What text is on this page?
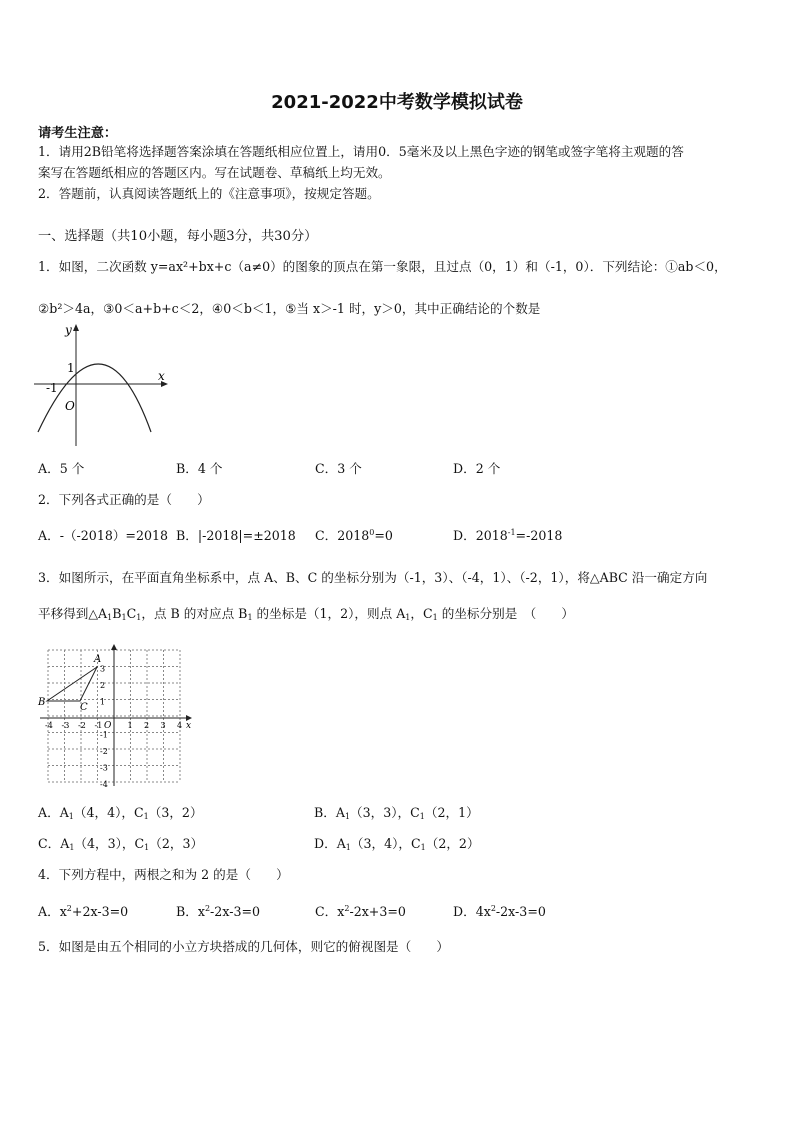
2021-2022中考数学模拟试卷
请考生注意：
1．请用2B铅笔将选择题答案涂填在答题纸相应位置上，请用0．5毫米及以上黑色字迹的钢笔或签字笔将主观题的答
案写在答题纸相应的答题区内。写在试题卷、草稿纸上均无效。
2．答题前，认真阅读答题纸上的《注意事项》，按规定答题。
一、选择题（共10小题，每小题3分，共30分）
1．如图，二次函数 y=ax²+bx+c（a≠0）的图象的顶点在第一象限，且过点（0，1）和（-1，0）．下列结论：①ab＜0，
②b²＞4a，③0＜a+b+c＜2，④0＜b＜1，⑤当 x＞-1 时，y＞0，其中正确结论的个数是
y
x
O
1
-1
A．5 个	B．4 个	C．3 个	D．2 个
2．下列各式正确的是（　　）
A．-（-2018）=2018 B．|-2018|=±2018 C．$2018^0=0$	D．$2018^{-1}=-2018$
3．如图所示，在平面直角坐标系中，点 A、B、C 的坐标分别为（-1，3）、（-4，1）、（-2，1），将△ABC 沿一确定方向
平移得到$\triangle A_1B_1C_1$，点 B 的对应点 $B_1$ 的坐标是（1，2），则点 $A_1$，$C_1$ 的坐标分别是　（　　）
A
B	C
O	x
-4 -3 -2 -1	1 2 3 4
3
2
1
-1
-2
-3
-4
A．$A_1(4$，4），$C_1(3$，2）	B．$A_1(3$，3），$C_1(2$，1）
C．$A_1(4$，3），$C_1(2$，3）	D．$A_1(3$，4），$C_1(2$，2）
4．下列方程中，两根之和为 2 的是（　　）
A．$x^2+2x-3=0$	B．$x^2-2x-3=0$	C．$x^2-2x+3=0$	D．$4x^2-2x-3=0$
5．如图是由五个相同的小立方块搭成的几何体，则它的俯视图是（　　）
